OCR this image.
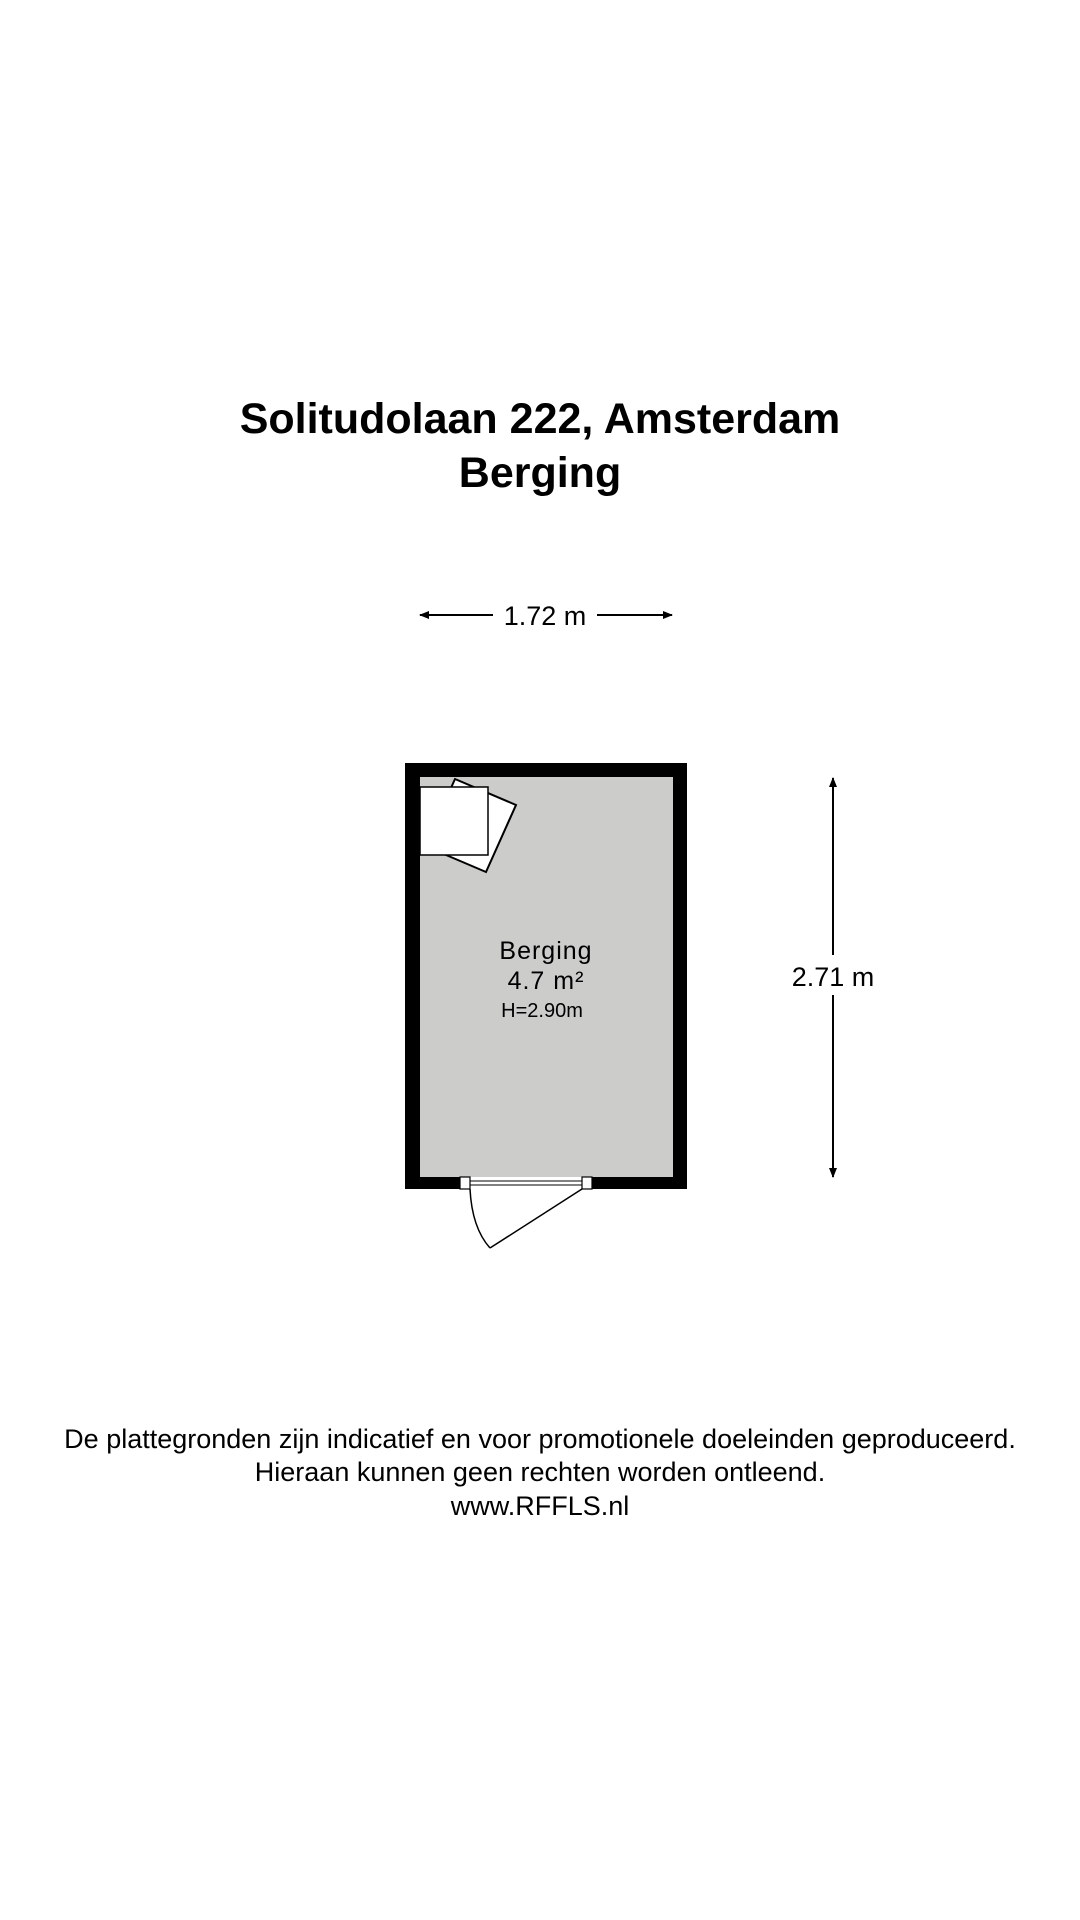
Solitudolaan 222, Amsterdam
Berging
1.72 m
Berging
4.7 m²
H=2.90m
2.71 m

De plattegronden zijn indicatief en voor promotionele doeleinden geproduceerd.

Hieraan kunnen geen rechten worden ontleend.

www.RFFLS.nl
